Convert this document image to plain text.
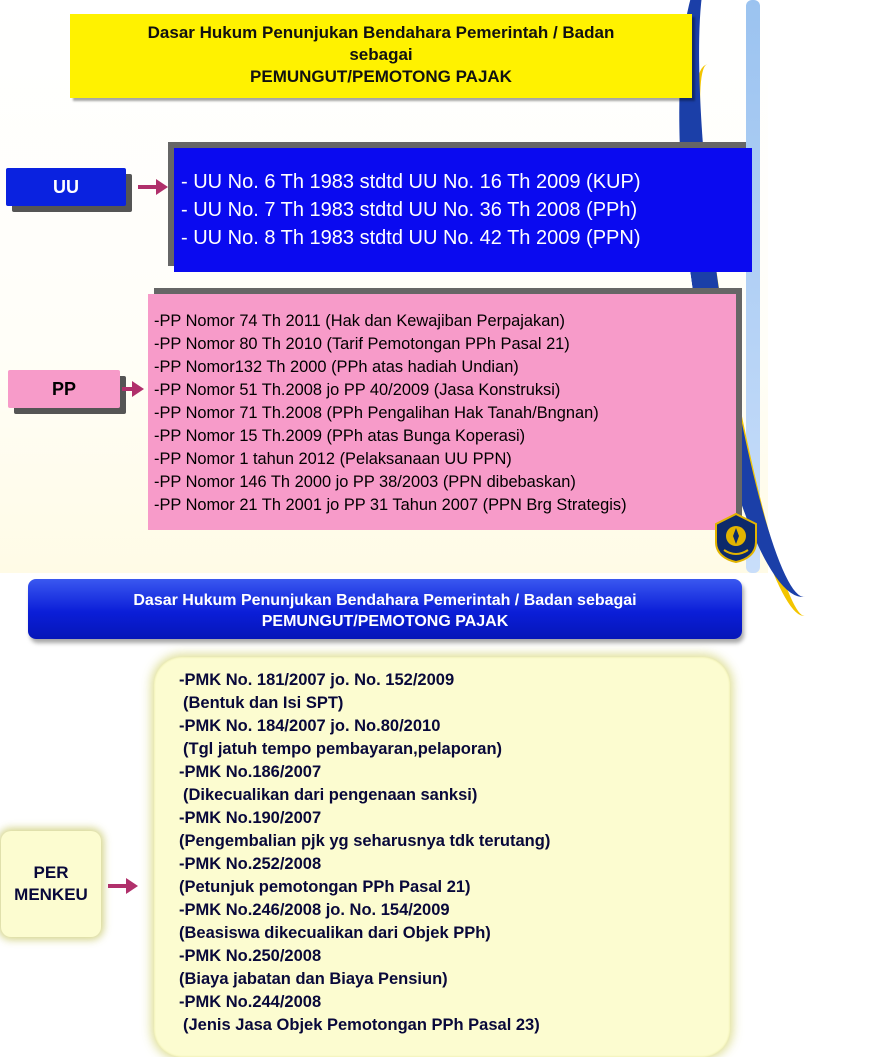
Dasar Hukum Penunjukan Bendahara Pemerintah / Badan
sebagai
PEMUNGUT/PEMOTONG PAJAK
UU	- UU No. 6 Th 1983 stdtd UU No. 16 Th 2009 (KUP)
- UU No. 7 Th 1983 stdtd UU No. 36 Th 2008 (PPh)
- UU No. 8 Th 1983 stdtd UU No. 42 Th 2009 (PPN)
PP
-PP Nomor 74 Th 2011 (Hak dan Kewajiban Perpajakan)
-PP Nomor 80 Th 2010 (Tarif Pemotongan PPh Pasal 21)
-PP Nomor132 Th 2000 (PPh atas hadiah Undian)
-PP Nomor 51 Th.2008 jo PP 40/2009 (Jasa Konstruksi)
-PP Nomor 71 Th.2008 (PPh Pengalihan Hak Tanah/Bngnan)
-PP Nomor 15 Th.2009 (PPh atas Bunga Koperasi)
-PP Nomor 1 tahun 2012 (Pelaksanaan UU PPN)
-PP Nomor 146 Th 2000 jo PP 38/2003 (PPN dibebaskan)
-PP Nomor 21 Th 2001 jo PP 31 Tahun 2007 (PPN Brg Strategis)
Dasar Hukum Penunjukan Bendahara Pemerintah / Badan sebagai
PEMUNGUT/PEMOTONG PAJAK
PER
MENKEU
-PMK No. 181/2007 jo. No. 152/2009
(Bentuk dan Isi SPT)
-PMK No. 184/2007 jo. No.80/2010
(Tgl jatuh tempo pembayaran,pelaporan)
-PMK No.186/2007
(Dikecualikan dari pengenaan sanksi)
-PMK No.190/2007
(Pengembalian pjk yg seharusnya tdk terutang)
-PMK No.252/2008
(Petunjuk pemotongan PPh Pasal 21)
-PMK No.246/2008 jo. No. 154/2009
(Beasiswa dikecualikan dari Objek PPh)
-PMK No.250/2008
(Biaya jabatan dan Biaya Pensiun)
-PMK No.244/2008
(Jenis Jasa Objek Pemotongan PPh Pasal 23)
